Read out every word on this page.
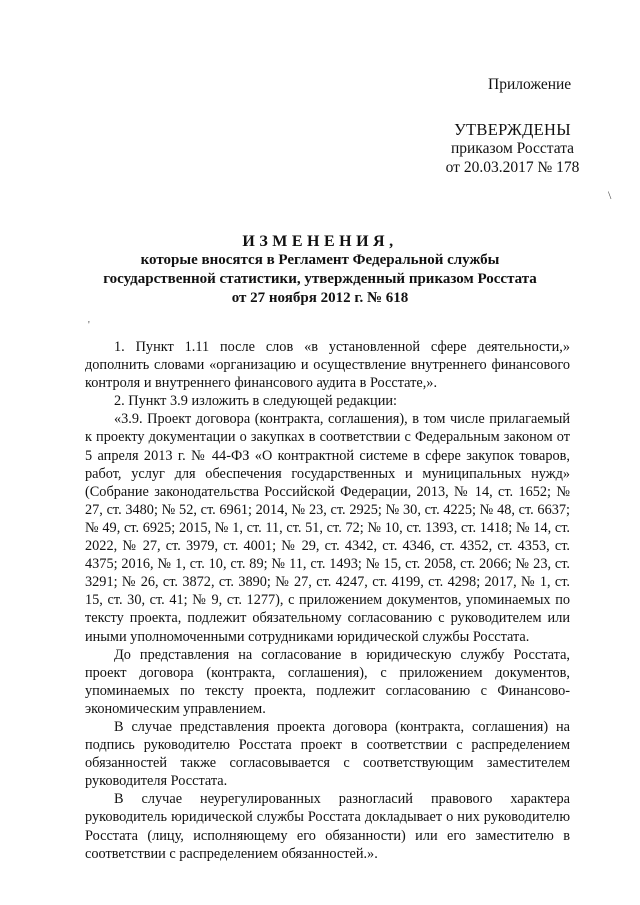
Приложение
УТВЕРЖДЕНЫ
приказом Росстата
от 20.03.2017 № 178
\
'
ИЗМЕНЕНИЯ,
которые вносятся в Регламент Федеральной службы
государственной статистики, утвержденный приказом Росстата
от 27 ноября 2012 г. № 618

1. Пункт 1.11 после слов «в установленной сфере деятельности,» дополнить словами «организацию и осуществление внутреннего финансового контроля и внутреннего финансового аудита в Росстате,».

2. Пункт 3.9 изложить в следующей редакции:

«3.9. Проект договора (контракта, соглашения), в том числе прилагаемый к проекту документации о закупках в соответствии с Федеральным законом от 5 апреля 2013 г. № 44-ФЗ «О контрактной системе в сфере закупок товаров, работ, услуг для обеспечения государственных и муниципальных нужд» (Собрание законодательства Российской Федерации, 2013, № 14, ст. 1652; № 27, ст. 3480; № 52, ст. 6961; 2014, № 23, ст. 2925; № 30, ст. 4225; № 48, ст. 6637; № 49, ст. 6925; 2015, № 1, ст. 11, ст. 51, ст. 72; № 10, ст. 1393, ст. 1418; № 14, ст. 2022, № 27, ст. 3979, ст. 4001; № 29, ст. 4342, ст. 4346, ст. 4352, ст. 4353, ст. 4375; 2016, № 1, ст. 10, ст. 89; № 11, ст. 1493; № 15, ст. 2058, ст. 2066; № 23, ст. 3291; № 26, ст. 3872, ст. 3890; № 27, ст. 4247, ст. 4199, ст. 4298; 2017, № 1, ст. 15, ст. 30, ст. 41; № 9, ст. 1277), с приложением документов, упоминаемых по тексту проекта, подлежит обязательному согласованию с руководителем или иными уполномоченными сотрудниками юридической службы Росстата.

До представления на согласование в юридическую службу Росстата, проект договора (контракта, соглашения), с приложением документов, упоминаемых по тексту проекта, подлежит согласованию с Финансово-экономическим управлением.

В случае представления проекта договора (контракта, соглашения) на подпись руководителю Росстата проект в соответствии с распределением обязанностей также согласовывается с соответствующим заместителем руководителя Росстата.

В случае неурегулированных разногласий правового характера руководитель юридической службы Росстата докладывает о них руководителю Росстата (лицу, исполняющему его обязанности) или его заместителю в соответствии с распределением обязанностей.».
